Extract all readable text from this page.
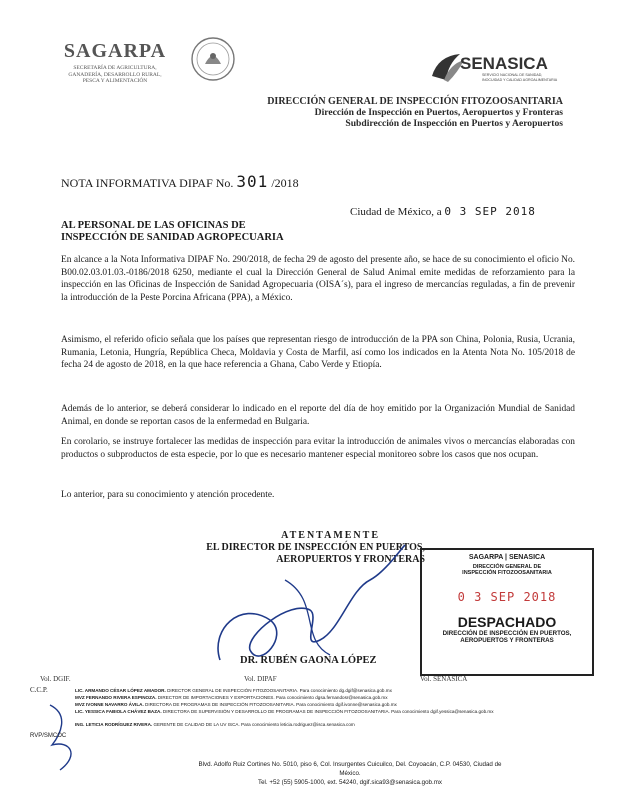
SAGARPA
SECRETARÍA DE AGRICULTURA,
GANADERÍA, DESARROLLO RURAL,
PESCA Y ALIMENTACIÓN
SENASICA
SERVICIO NACIONAL DE SANIDAD,
INOCUIDAD Y CALIDAD AGROALIMENTARIA
DIRECCIÓN GENERAL DE INSPECCIÓN FITOZOOSANITARIA
Dirección de Inspección en Puertos, Aeropuertos y Fronteras
Subdirección de Inspección en Puertos y Aeropuertos
NOTA INFORMATIVA DIPAF No. 301 /2018
Ciudad de México, a 0 3 SEP 2018
AL PERSONAL DE LAS OFICINAS DE
INSPECCIÓN DE SANIDAD AGROPECUARIA
En alcance a la Nota Informativa DIPAF No. 290/2018, de fecha 29 de agosto del presente año, se hace de su conocimiento el oficio No. B00.02.03.01.03.-0186/2018 6250, mediante el cual la Dirección General de Salud Animal emite medidas de reforzamiento para la inspección en las Oficinas de Inspección de Sanidad Agropecuaria (OISA´s), para el ingreso de mercancías reguladas, a fin de prevenir la introducción de la Peste Porcina Africana (PPA), a México.
Asimismo, el referido oficio señala que los países que representan riesgo de introducción de la PPA son China, Polonia, Rusia, Ucrania, Rumania, Letonia, Hungría, República Checa, Moldavia y Costa de Marfil, así como los indicados en la Atenta Nota No. 105/2018 de fecha 24 de agosto de 2018, en la que hace referencia a Ghana, Cabo Verde y Etiopía.
Además de lo anterior, se deberá considerar lo indicado en el reporte del día de hoy emitido por la Organización Mundial de Sanidad Animal, en donde se reportan casos de la enfermedad en Bulgaria.
En corolario, se instruye fortalecer las medidas de inspección para evitar la introducción de animales vivos o mercancías elaboradas con productos o subproductos de esta especie, por lo que es necesario mantener especial monitoreo sobre los casos que nos ocupan.
Lo anterior, para su conocimiento y atención procedente.
ATENTAMENTE
EL DIRECTOR DE INSPECCIÓN EN PUERTOS,
AEROPUERTOS Y FRONTERAS
DR. RUBÉN GAONA LÓPEZ
Vol. DIPAF
Vol. DGIF.	Vol. SENASICA
SAGARPA | SENASICA
DIRECCIÓN GENERAL DE
INSPECCIÓN FITOZOOSANITARIA
0 3 SEP 2018
DESPACHADO
DIRECCIÓN DE INSPECCIÓN EN PUERTOS,
AEROPUERTOS Y FRONTERAS
C.C.P.	LIC. ARMANDO CÉSAR LÓPEZ AMADOR. DIRECTOR GENERAL DE INSPECCIÓN FITOZOOSANITARIA. Para conocimiento dg.dgif@senasica.gob.mx
MVZ FERNANDO RIVERA ESPINOZA. DIRECTOR DE IMPORTACIONES Y EXPORTACIONES. Para conocimiento dgsa.fernandosr@senasica.gob.mx
MVZ IVONNE NAVARRO ÁVILA. DIRECTORA DE PROGRAMAS DE INSPECCIÓN FITOZOOSANITARIA. Para conocimiento dgif.ivonne@senasica.gob.mx
LIC. YESSICA FABIOLA CHÁVEZ BAZA. DIRECTORA DE SUPERVISIÓN Y DESARROLLO DE PROGRAMAS DE INSPECCIÓN FITOZOOSANITARIA. Para conocimiento dgif.yessica@senasica.gob.mx
ING. LETICIA RODRÍGUEZ RIVERA. GERENTE DE CALIDAD DE LA UV ISCA. Para conocimiento leticia.rodriguez@isca.senasica.com
RVP/SMCOC
Blvd. Adolfo Ruiz Cortines No. 5010, piso 6, Col. Insurgentes Cuicuilco, Del. Coyoacán, C.P. 04530, Ciudad de México.
Tel. +52 (55) 5905-1000, ext. 54240, dgif.sica93@senasica.gob.mx
